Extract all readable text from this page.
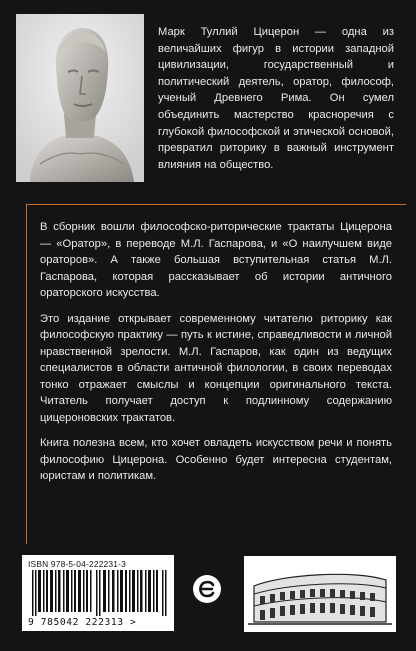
Марк Туллий Цицерон — одна из величайших фигур в истории западной цивилизации, государственный и политический деятель, оратор, философ, ученый Древнего Рима. Он сумел объединить мастерство красноречия с глубокой философской и этической основой, превратил риторику в важный инструмент влияния на общество.

В сборник вошли философско-риторические трактаты Цицерона — «Оратор», в переводе М.Л. Гаспарова, и «О наилучшем виде ораторов». А также большая вступительная статья М.Л. Гаспарова, которая рассказывает об истории античного ораторского искусства.

Это издание открывает современному читателю риторику как философскую практику — путь к истине, справедливости и личной нравственной зрелости. М.Л. Гаспаров, как один из ведущих специалистов в области античной филологии, в своих переводах тонко отражает смыслы и концепции оригинального текста. Читатель получает доступ к подлинному содержанию цицероновских трактатов.

Книга полезна всем, кто хочет овладеть искусством речи и понять философию Цицерона. Особенно будет интересна студентам, юристам и политикам.

ISBN 978-5-04-222231-3
9 785042 222313 >
